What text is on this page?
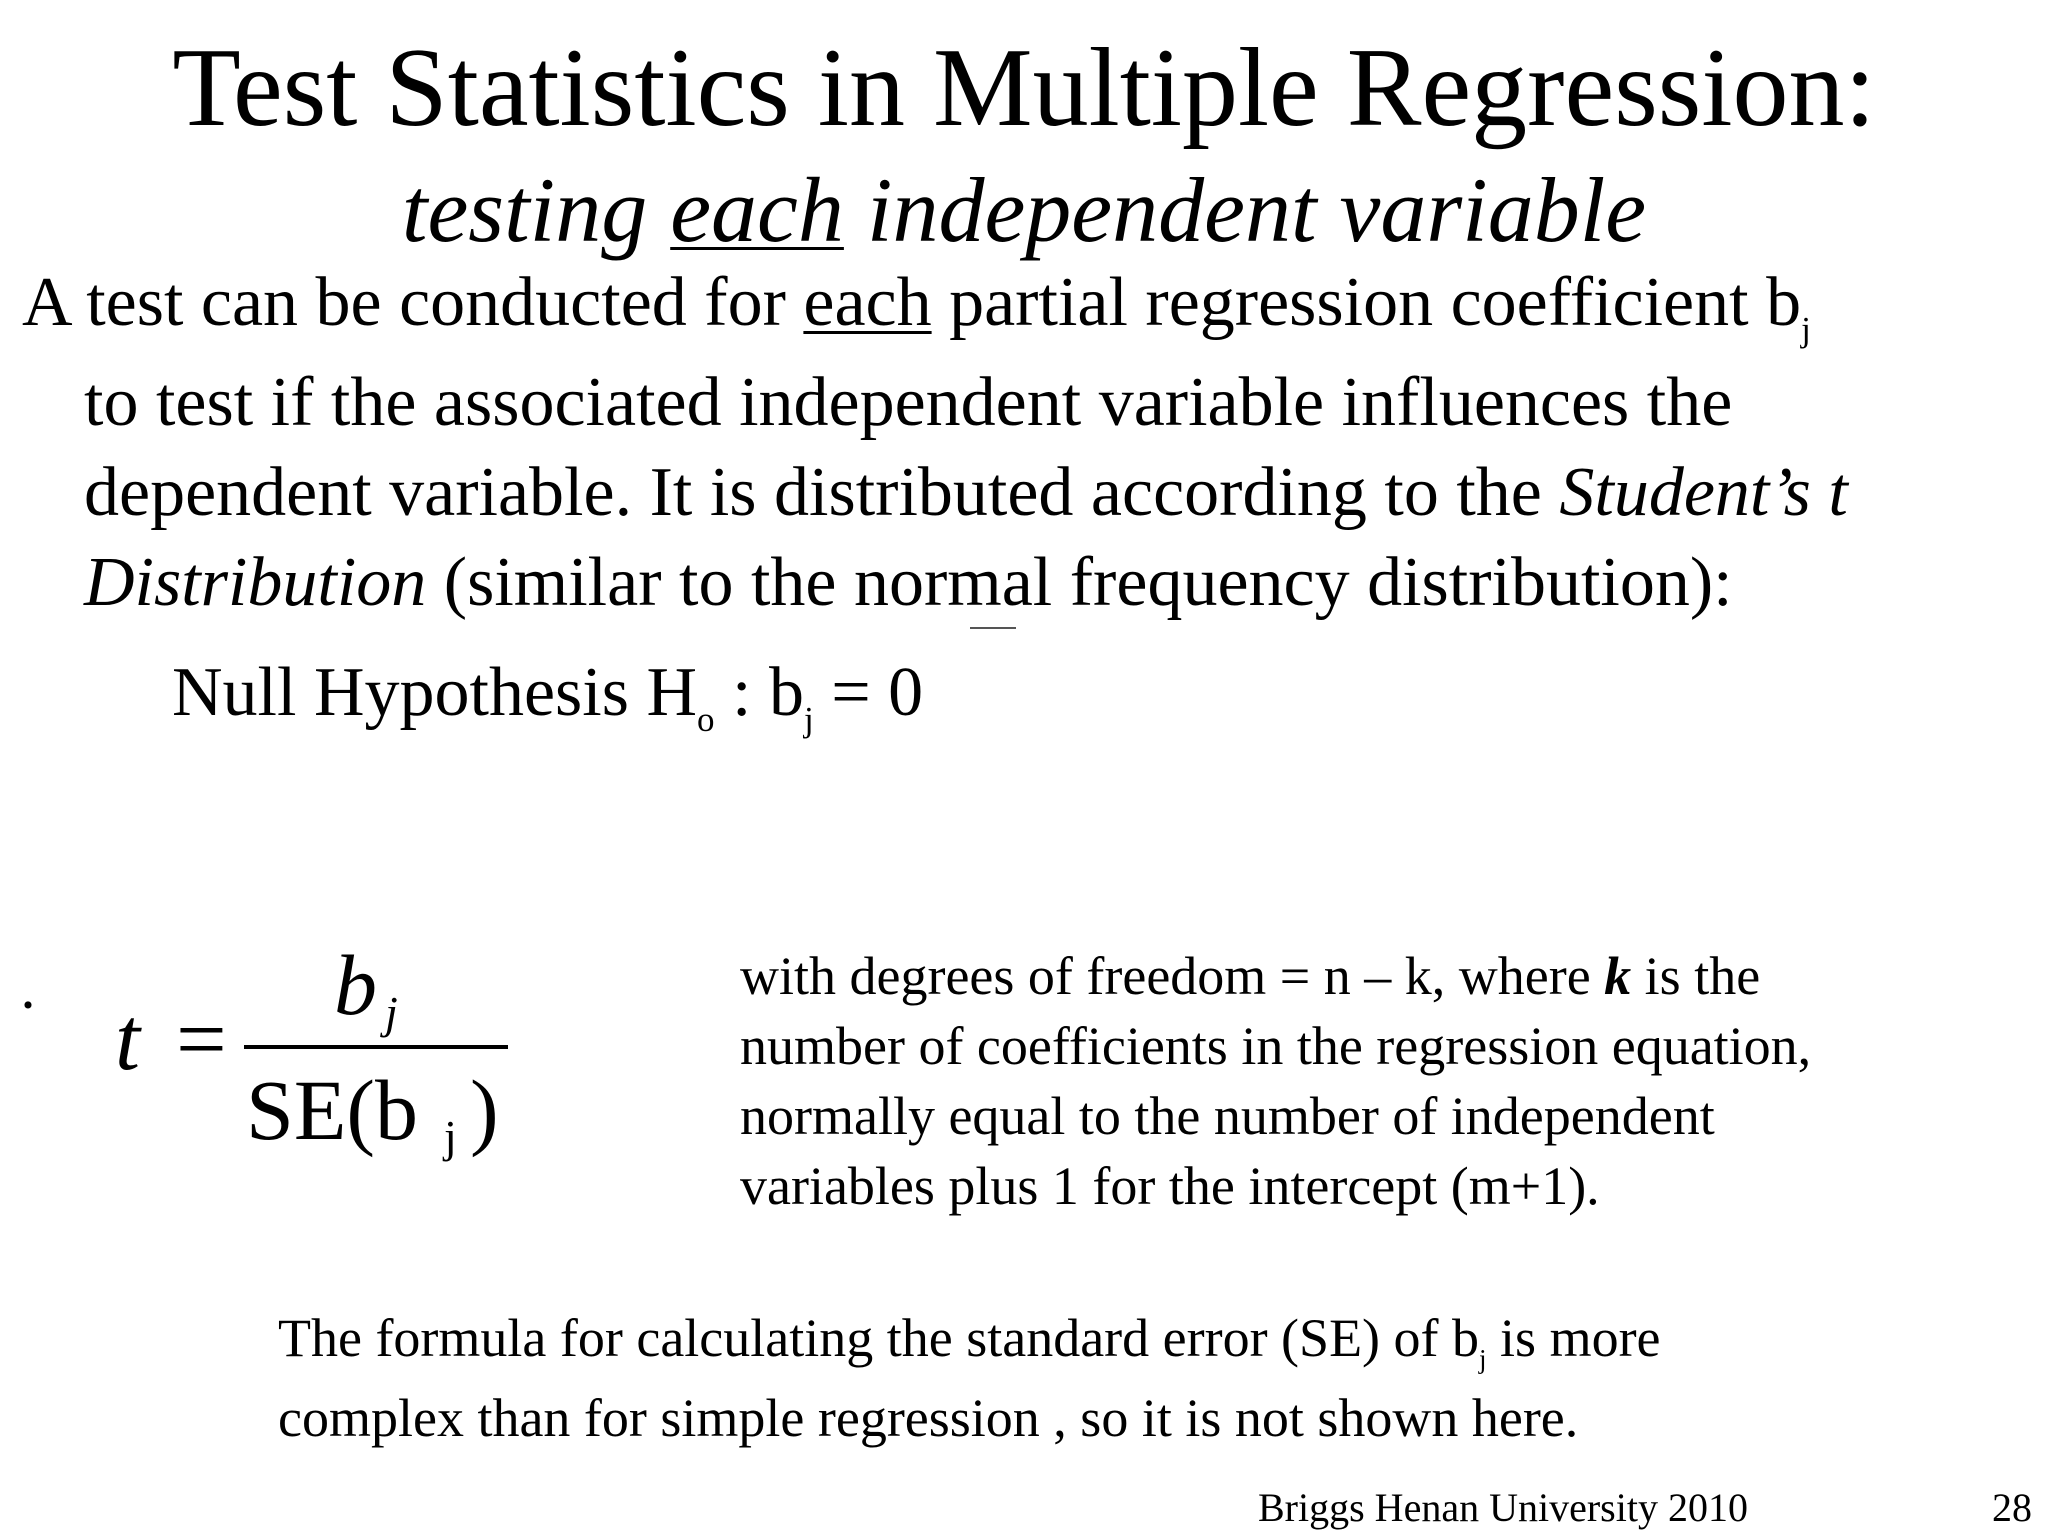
Test Statistics in Multiple Regression:
testing each independent variable
A test can be conducted for each partial regression coefficient $b_j$
to test if the associated independent variable influences the
dependent variable. It is distributed according to the Student’s t
Distribution (similar to the normal frequency distribution):
Null Hypothesis $H_o$ : $b_j = 0$
· t =
b j
SE(b j )
with degrees of freedom = n – k, where k is the
number of coefficients in the regression equation,
normally equal to the number of independent
variables plus 1 for the intercept (m+1).
The formula for calculating the standard error (SE) of $b_j$ is more
complex than for simple regression , so it is not shown here.
Briggs Henan University 2010	28
